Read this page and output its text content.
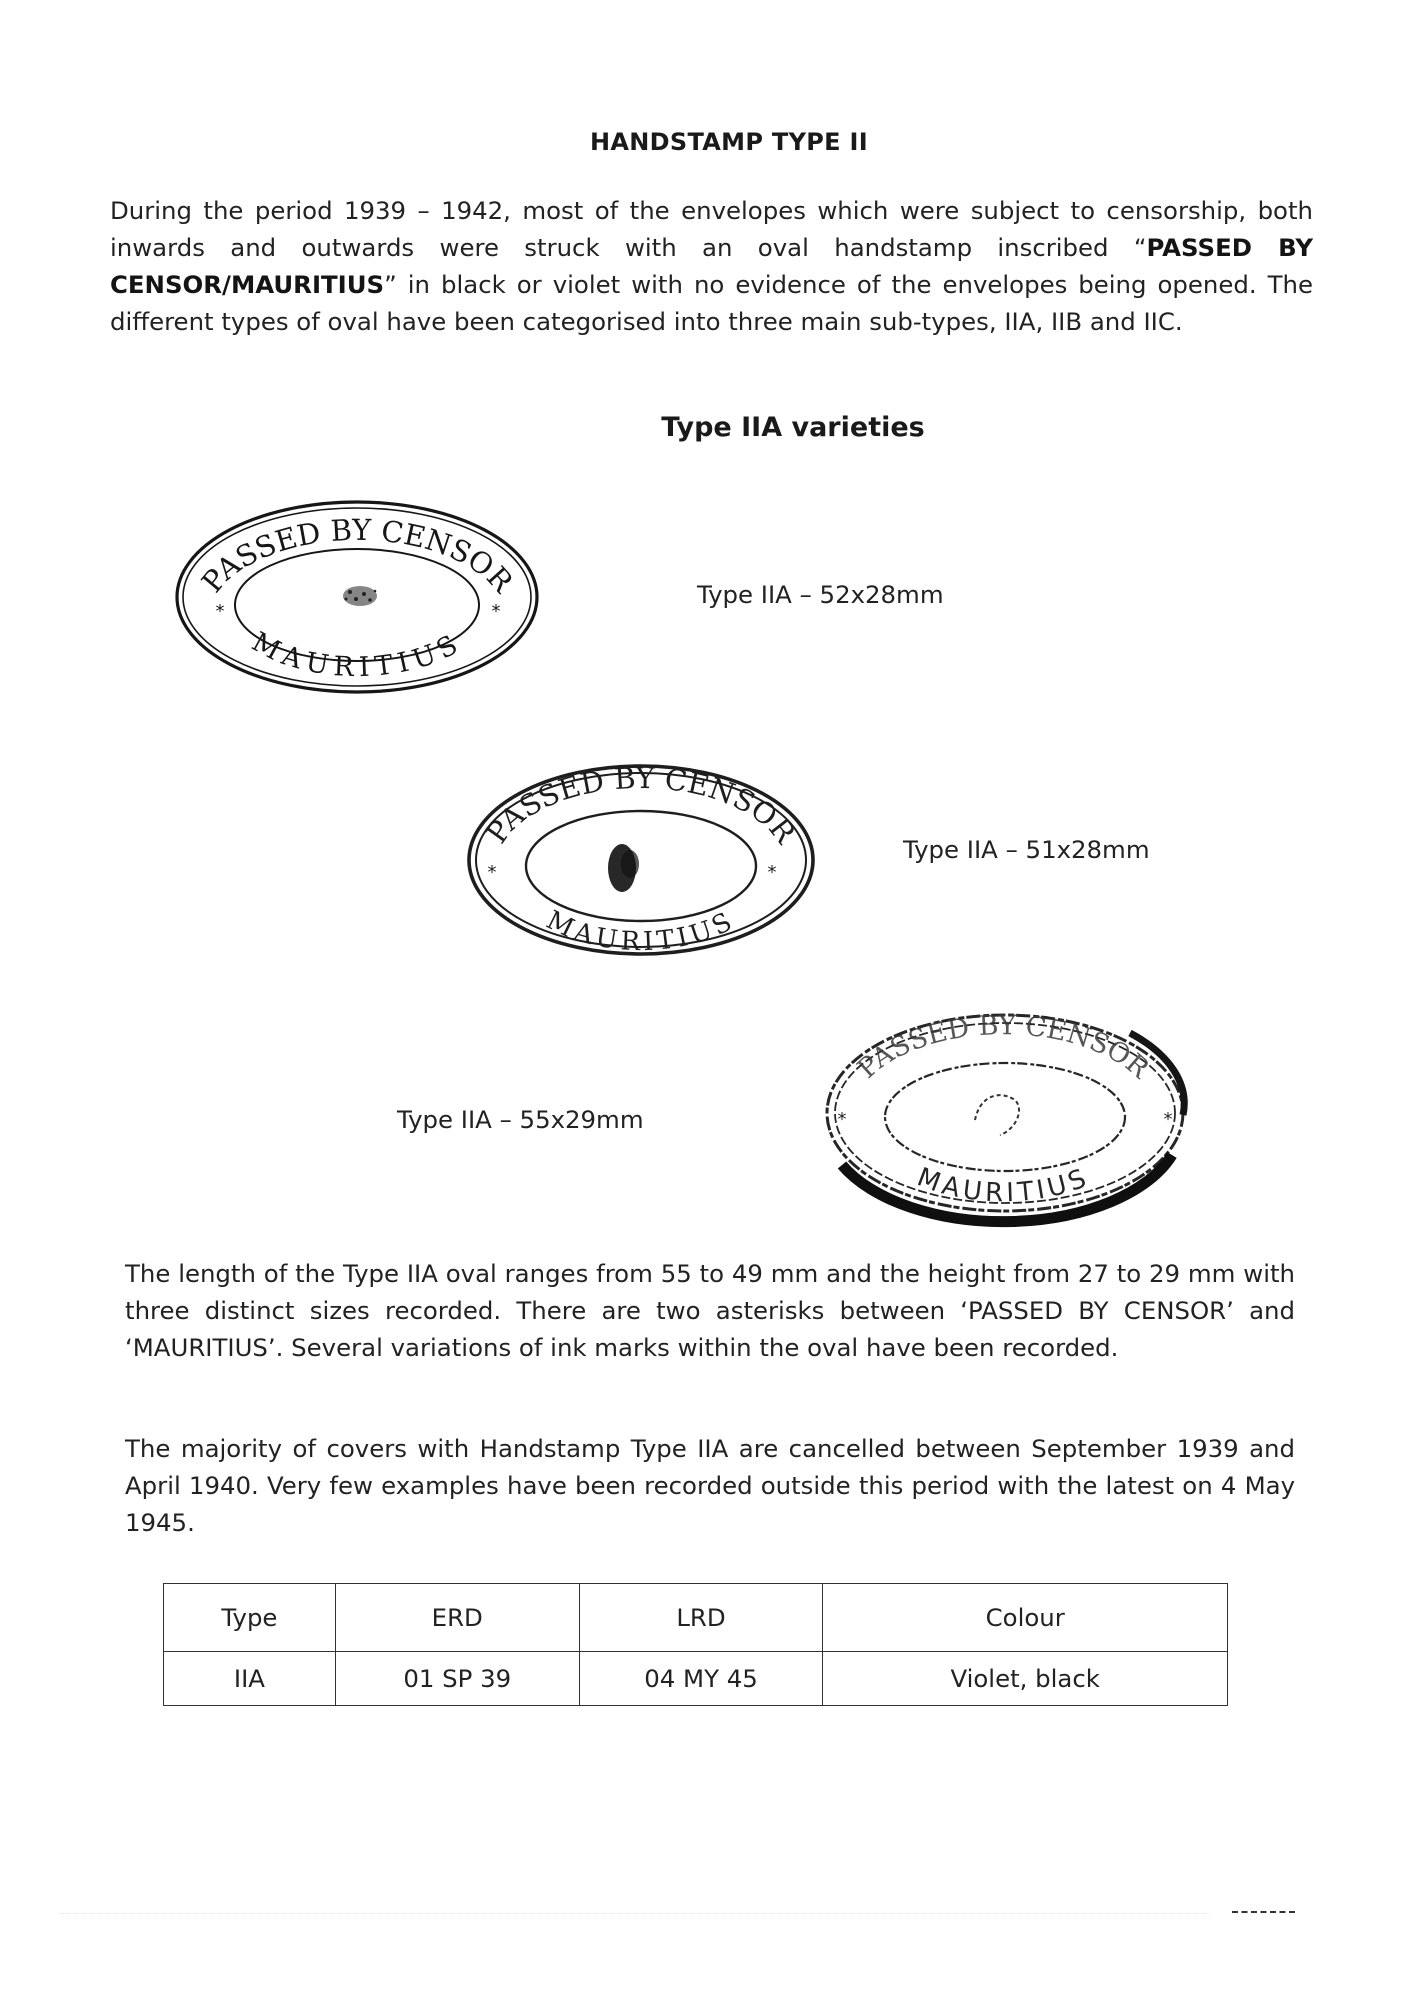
HANDSTAMP TYPE II
During the period 1939 – 1942, most of the envelopes which were subject to censorship, both inwards and outwards were struck with an oval handstamp inscribed “PASSED BY CENSOR/MAURITIUS” in black or violet with no evidence of the envelopes being opened. The different types of oval have been categorised into three main sub-types, IIA, IIB and IIC.
Type IIA varieties
PASSED BY CENSOR
MAURITIUS
*	*
Type IIA – 52x28mm
PASSED BY CENSOR
MAURITIUS
*	*
Type IIA – 51x28mm
Type IIA – 55x29mm
PASSED BY CENSOR
MAURITIUS
*	*
The length of the Type IIA oval ranges from 55 to 49 mm and the height from 27 to 29 mm with three distinct sizes recorded. There are two asterisks between ‘PASSED BY CENSOR’ and ‘MAURITIUS’. Several variations of ink marks within the oval have been recorded.
The majority of covers with Handstamp Type IIA are cancelled between September 1939 and April 1940. Very few examples have been recorded outside this period with the latest on 4 May 1945.
Type	ERD	LRD	Colour
IIA	01 SP 39	04 MY 45	Violet, black
